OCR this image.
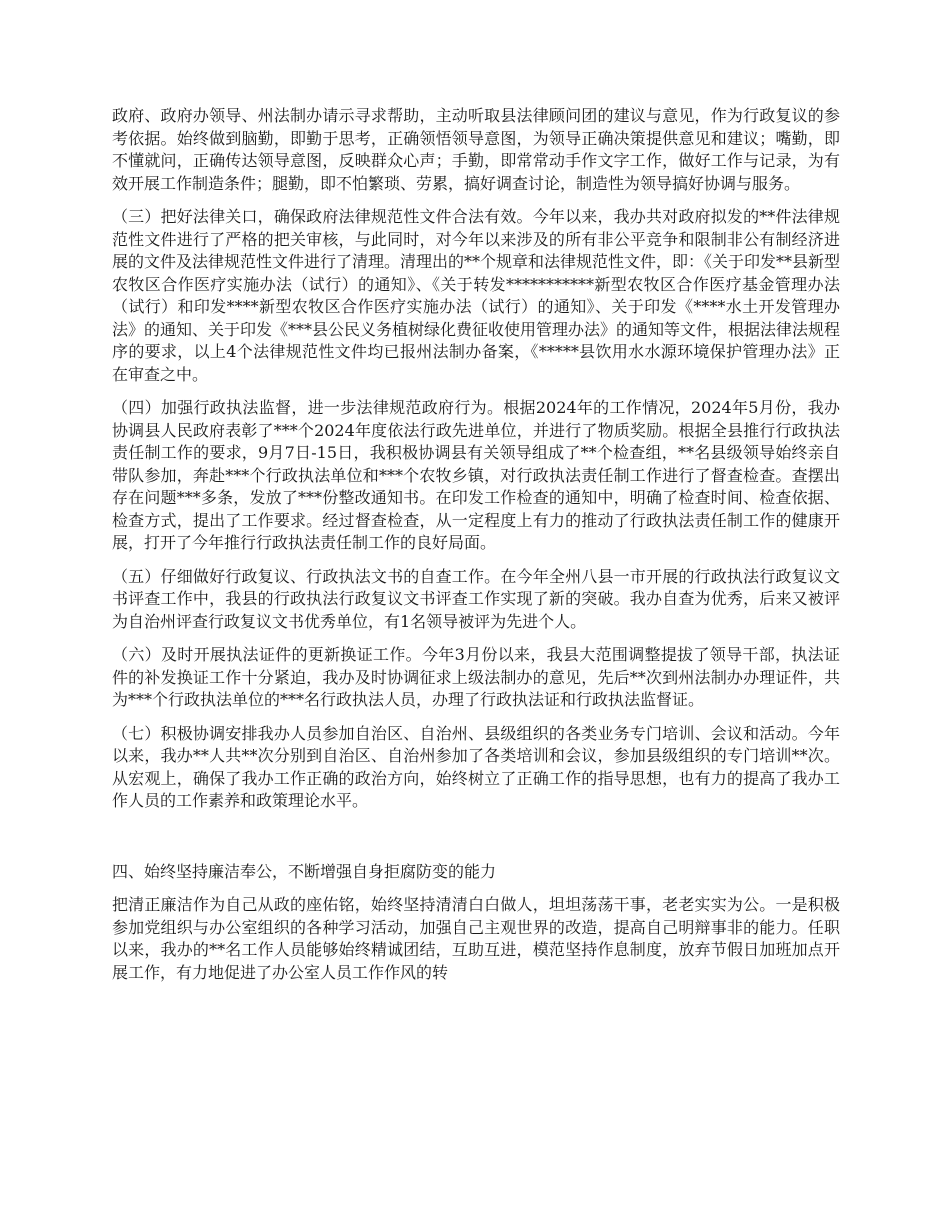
政府、政府办领导、州法制办请示寻求帮助，主动听取县法律顾问团的建议与意见，作为行政复议的参考依据。始终做到脑勤，即勤于思考，正确领悟领导意图，为领导正确决策提供意见和建议；嘴勤，即不懂就问，正确传达领导意图，反映群众心声；手勤，即常常动手作文字工作，做好工作与记录，为有效开展工作制造条件；腿勤，即不怕繁琐、劳累，搞好调查讨论，制造性为领导搞好协调与服务。

（三）把好法律关口，确保政府法律规范性文件合法有效。今年以来，我办共对政府拟发的**件法律规范性文件进行了严格的把关审核，与此同时，对今年以来涉及的所有非公平竞争和限制非公有制经济进展的文件及法律规范性文件进行了清理。清理出的**个规章和法律规范性文件，即：《关于印发**县新型农牧区合作医疗实施办法（试行）的通知》、《关于转发***********新型农牧区合作医疗基金管理办法（试行）和印发****新型农牧区合作医疗实施办法（试行）的通知》、关于印发《****水土开发管理办法》的通知、关于印发《***县公民义务植树绿化费征收使用管理办法》的通知等文件，根据法律法规程序的要求，以上4个法律规范性文件均已报州法制办备案，《*****县饮用水水源环境保护管理办法》正在审查之中。

（四）加强行政执法监督，进一步法律规范政府行为。根据2024年的工作情况，2024年5月份，我办协调县人民政府表彰了***个2024年度依法行政先进单位，并进行了物质奖励。根据全县推行行政执法责任制工作的要求，9月7日-15日，我积极协调县有关领导组成了**个检查组，**名县级领导始终亲自带队参加，奔赴***个行政执法单位和***个农牧乡镇，对行政执法责任制工作进行了督查检查。查摆出存在问题***多条，发放了***份整改通知书。在印发工作检查的通知中，明确了检查时间、检查依据、检查方式，提出了工作要求。经过督查检查，从一定程度上有力的推动了行政执法责任制工作的健康开展，打开了今年推行行政执法责任制工作的良好局面。

（五）仔细做好行政复议、行政执法文书的自查工作。在今年全州八县一市开展的行政执法行政复议文书评查工作中，我县的行政执法行政复议文书评查工作实现了新的突破。我办自查为优秀，后来又被评为自治州评查行政复议文书优秀单位，有1名领导被评为先进个人。

（六）及时开展执法证件的更新换证工作。今年3月份以来，我县大范围调整提拔了领导干部，执法证件的补发换证工作十分紧迫，我办及时协调征求上级法制办的意见，先后**次到州法制办办理证件，共为***个行政执法单位的***名行政执法人员，办理了行政执法证和行政执法监督证。

（七）积极协调安排我办人员参加自治区、自治州、县级组织的各类业务专门培训、会议和活动。今年以来，我办**人共**次分别到自治区、自治州参加了各类培训和会议，参加县级组织的专门培训**次。从宏观上，确保了我办工作正确的政治方向，始终树立了正确工作的指导思想，也有力的提高了我办工作人员的工作素养和政策理论水平。

四、始终坚持廉洁奉公，不断增强自身拒腐防变的能力

把清正廉洁作为自己从政的座佑铭，始终坚持清清白白做人，坦坦荡荡干事，老老实实为公。一是积极参加党组织与办公室组织的各种学习活动，加强自己主观世界的改造，提高自己明辩事非的能力。任职以来，我办的**名工作人员能够始终精诚团结，互助互进，模范坚持作息制度，放弃节假日加班加点开展工作，有力地促进了办公室人员工作作风的转
